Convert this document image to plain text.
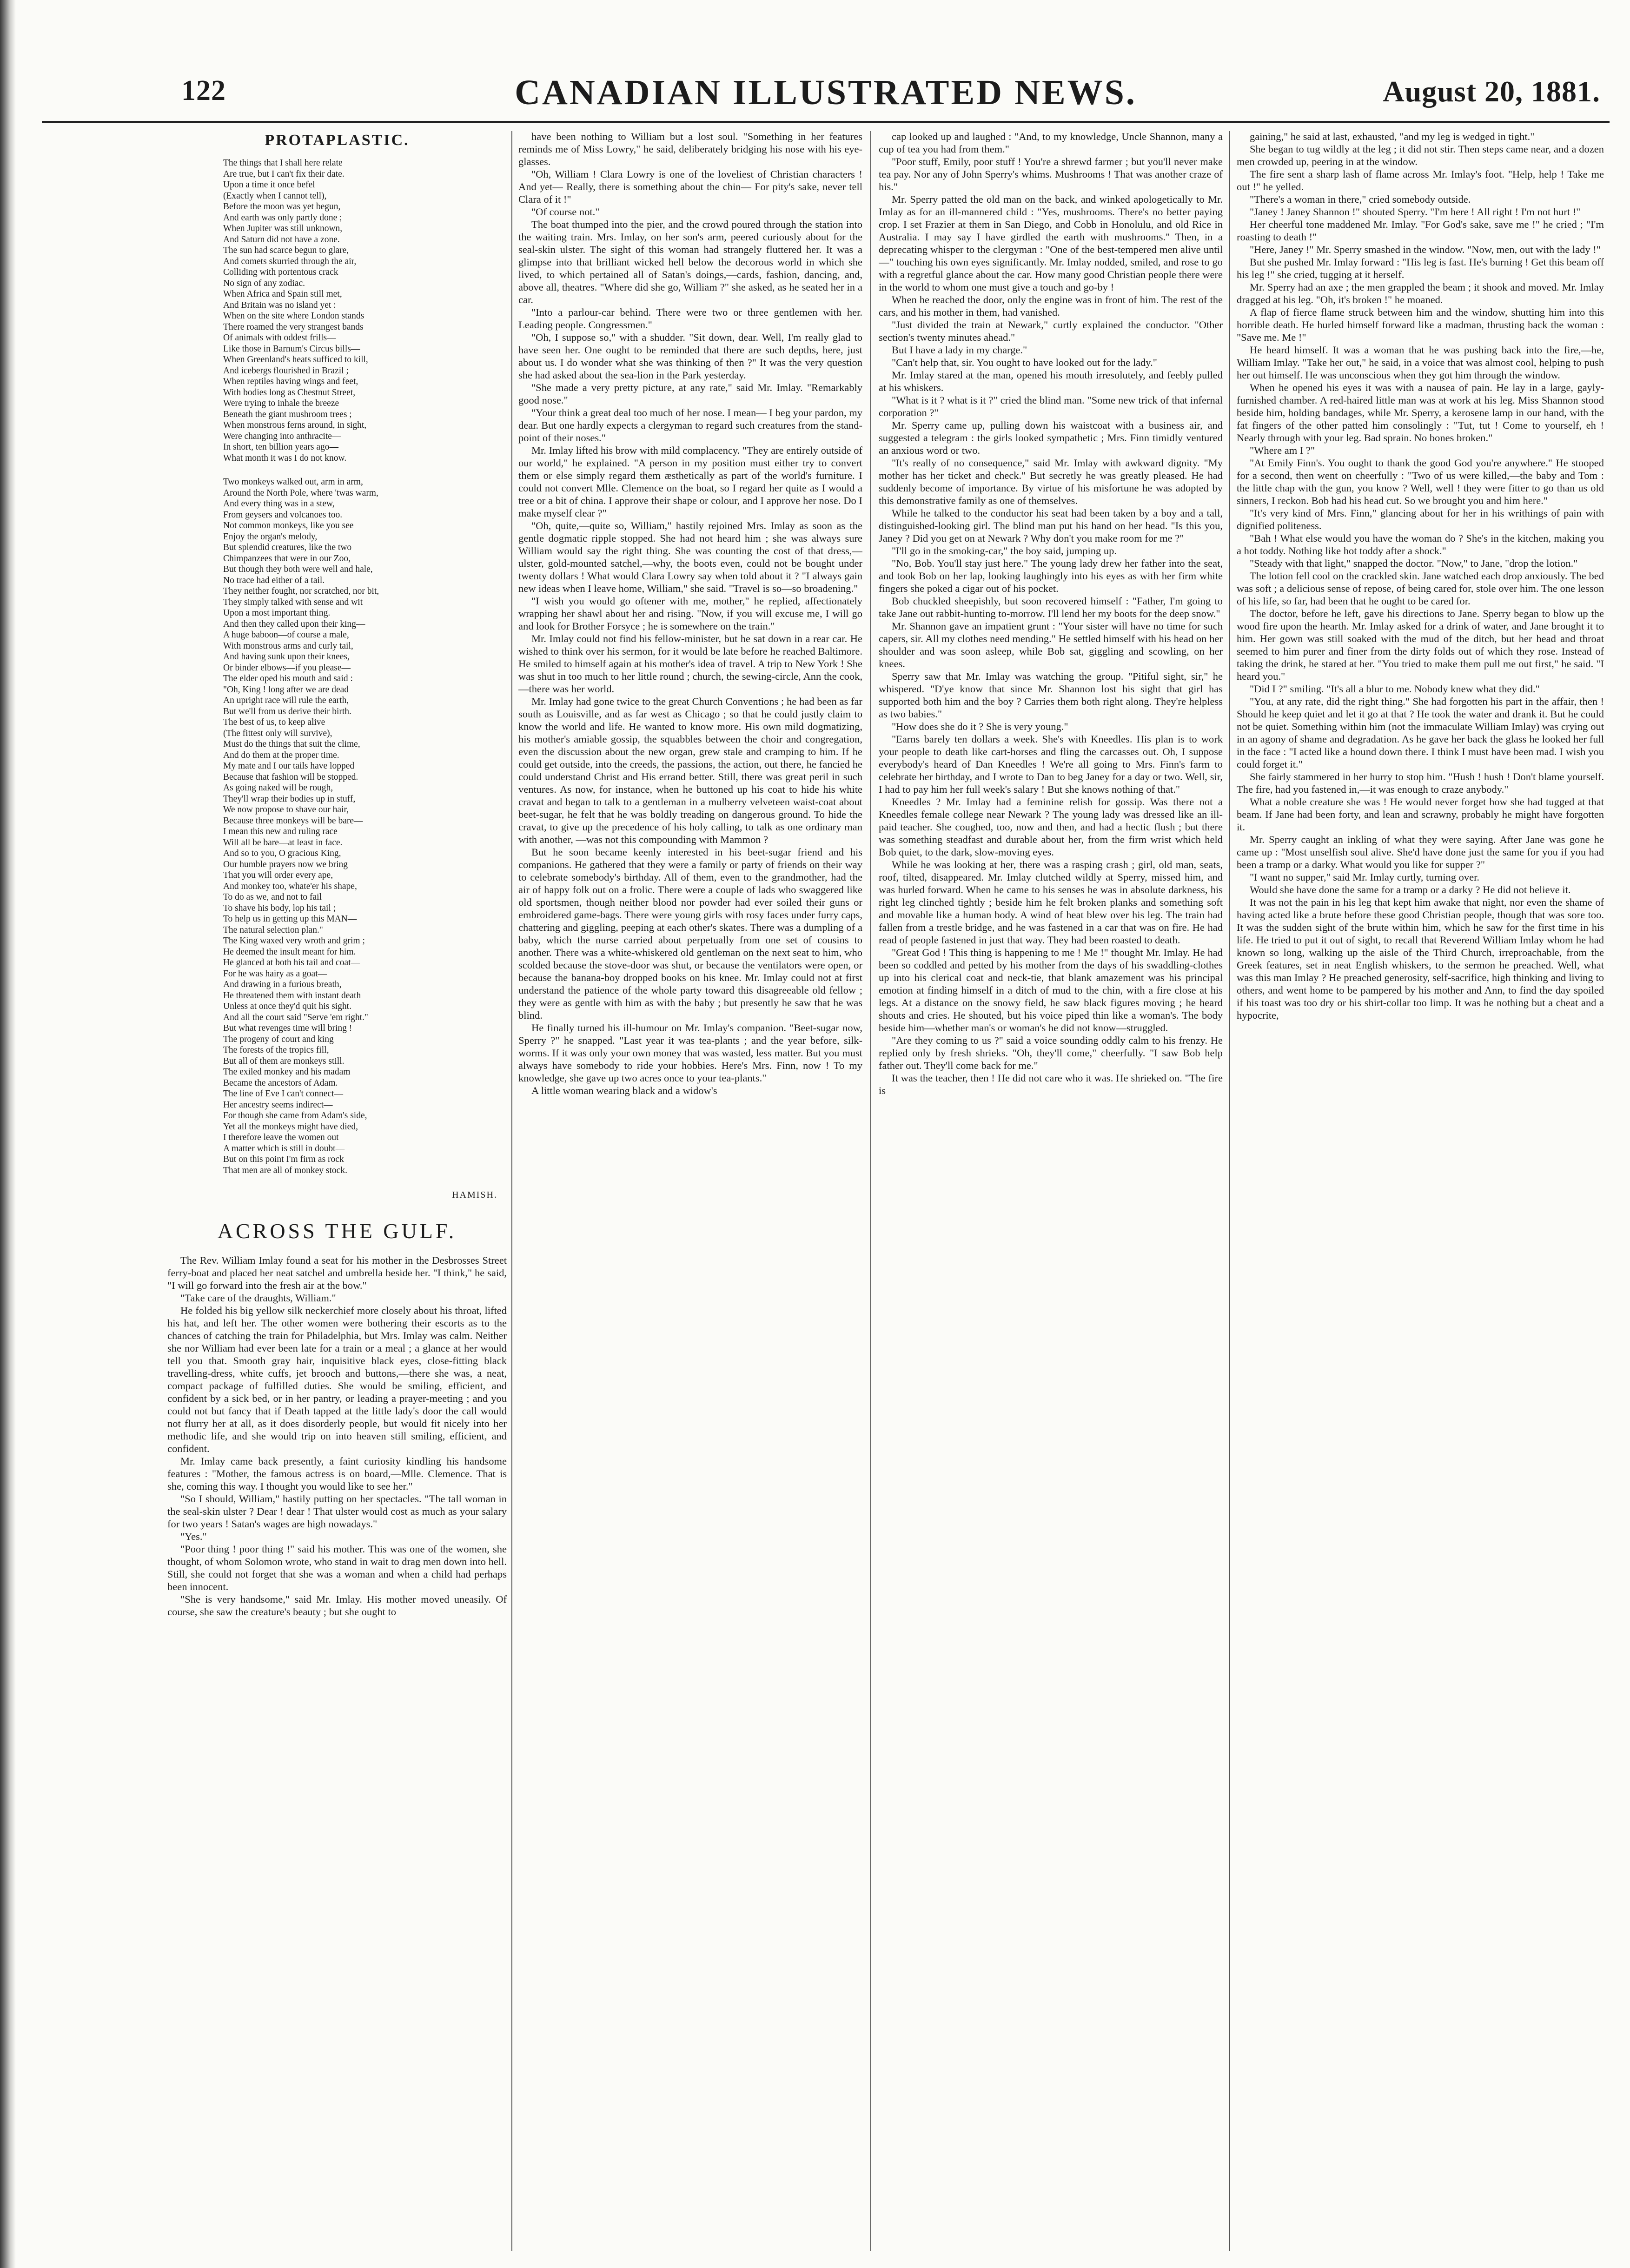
122	CANADIAN ILLUSTRATED NEWS.	August 20, 1881.
PROTAPLASTIC.
The things that I shall here relate
Are true, but I can't fix their date.
Upon a time it once befel
(Exactly when I cannot tell),
Before the moon was yet begun,
And earth was only partly done ;
When Jupiter was still unknown,
And Saturn did not have a zone.
The sun had scarce begun to glare,
And comets skurried through the air,
Colliding with portentous crack
No sign of any zodiac.
When Africa and Spain still met,
And Britain was no island yet :
When on the site where London stands
There roamed the very strangest bands
Of animals with oddest frills—
Like those in Barnum's Circus bills—
When Greenland's heats sufficed to kill,
And icebergs flourished in Brazil ;
When reptiles having wings and feet,
With bodies long as Chestnut Street,
Were trying to inhale the breeze
Beneath the giant mushroom trees ;
When monstrous ferns around, in sight,
Were changing into anthracite—
In short, ten billion years ago—
What month it was I do not know.
Two monkeys walked out, arm in arm,
Around the North Pole, where 'twas warm,
And every thing was in a stew,
From geysers and volcanoes too.
Not common monkeys, like you see
Enjoy the organ's melody,
But splendid creatures, like the two
Chimpanzees that were in our Zoo,
But though they both were well and hale,
No trace had either of a tail.
They neither fought, nor scratched, nor bit,
They simply talked with sense and wit
Upon a most important thing.
And then they called upon their king—
A huge baboon—of course a male,
With monstrous arms and curly tail,
And having sunk upon their knees,
Or binder elbows—if you please—
The elder oped his mouth and said :
"Oh, King ! long after we are dead
An upright race will rule the earth,
But we'll from us derive their birth.
The best of us, to keep alive
(The fittest only will survive),
Must do the things that suit the clime,
And do them at the proper time.
My mate and I our tails have lopped
Because that fashion will be stopped.
As going naked will be rough,
They'll wrap their bodies up in stuff,
We now propose to shave our hair,
Because three monkeys will be bare—
I mean this new and ruling race
Will all be bare—at least in face.
And so to you, O gracious King,
Our humble prayers now we bring—
That you will order every ape,
And monkey too, whate'er his shape,
To do as we, and not to fail
To shave his body, lop his tail ;
To help us in getting up this MAN—
The natural selection plan."
The King waxed very wroth and grim ;
He deemed the insult meant for him.
He glanced at both his tail and coat—
For he was hairy as a goat—
And drawing in a furious breath,
He threatened them with instant death
Unless at once they'd quit his sight.
And all the court said "Serve 'em right."
But what revenges time will bring !
The progeny of court and king
The forests of the tropics fill,
But all of them are monkeys still.
The exiled monkey and his madam
Became the ancestors of Adam.
The line of Eve I can't connect—
Her ancestry seems indirect—
For though she came from Adam's side,
Yet all the monkeys might have died,
I therefore leave the women out
A matter which is still in doubt—
But on this point I'm firm as rock
That men are all of monkey stock.
HAMISH.
ACROSS THE GULF.

The Rev. William Imlay found a seat for his mother in the Desbrosses Street ferry-boat and placed her neat satchel and umbrella beside her. "I think," he said, "I will go forward into the fresh air at the bow."

"Take care of the draughts, William."

He folded his big yellow silk neckerchief more closely about his throat, lifted his hat, and left her. The other women were bothering their escorts as to the chances of catching the train for Philadelphia, but Mrs. Imlay was calm. Neither she nor William had ever been late for a train or a meal ; a glance at her would tell you that. Smooth gray hair, inquisitive black eyes, close-fitting black travelling-dress, white cuffs, jet brooch and buttons,—there she was, a neat, compact package of fulfilled duties. She would be smiling, efficient, and confident by a sick bed, or in her pantry, or leading a prayer-meeting ; and you could not but fancy that if Death tapped at the little lady's door the call would not flurry her at all, as it does disorderly people, but would fit nicely into her methodic life, and she would trip on into heaven still smiling, efficient, and confident.

Mr. Imlay came back presently, a faint curiosity kindling his handsome features : "Mother, the famous actress is on board,—Mlle. Clemence. That is she, coming this way. I thought you would like to see her."

"So I should, William," hastily putting on her spectacles. "The tall woman in the seal-skin ulster ? Dear ! dear ! That ulster would cost as much as your salary for two years ! Satan's wages are high nowadays."

"Yes."

"Poor thing ! poor thing !" said his mother. This was one of the women, she thought, of whom Solomon wrote, who stand in wait to drag men down into hell. Still, she could not forget that she was a woman and when a child had perhaps been innocent.

"She is very handsome," said Mr. Imlay. His mother moved uneasily. Of course, she saw the creature's beauty ; but she ought to

have been nothing to William but a lost soul. "Something in her features reminds me of Miss Lowry," he said, deliberately bridging his nose with his eye-glasses.

"Oh, William ! Clara Lowry is one of the loveliest of Christian characters ! And yet— Really, there is something about the chin— For pity's sake, never tell Clara of it !"

"Of course not."

The boat thumped into the pier, and the crowd poured through the station into the waiting train. Mrs. Imlay, on her son's arm, peered curiously about for the seal-skin ulster. The sight of this woman had strangely fluttered her. It was a glimpse into that brilliant wicked hell below the decorous world in which she lived, to which pertained all of Satan's doings,—cards, fashion, dancing, and, above all, theatres. "Where did she go, William ?" she asked, as he seated her in a car.

"Into a parlour-car behind. There were two or three gentlemen with her. Leading people. Congressmen."

"Oh, I suppose so," with a shudder. "Sit down, dear. Well, I'm really glad to have seen her. One ought to be reminded that there are such depths, here, just about us. I do wonder what she was thinking of then ?" It was the very question she had asked about the sea-lion in the Park yesterday.

"She made a very pretty picture, at any rate," said Mr. Imlay. "Remarkably good nose."

"Your think a great deal too much of her nose. I mean— I beg your pardon, my dear. But one hardly expects a clergyman to regard such creatures from the stand-point of their noses."

Mr. Imlay lifted his brow with mild complacency. "They are entirely outside of our world," he explained. "A person in my position must either try to convert them or else simply regard them æsthetically as part of the world's furniture. I could not convert Mlle. Clemence on the boat, so I regard her quite as I would a tree or a bit of china. I approve their shape or colour, and I approve her nose. Do I make myself clear ?"

"Oh, quite,—quite so, William," hastily rejoined Mrs. Imlay as soon as the gentle dogmatic ripple stopped. She had not heard him ; she was always sure William would say the right thing. She was counting the cost of that dress,—ulster, gold-mounted satchel,—why, the boots even, could not be bought under twenty dollars ! What would Clara Lowry say when told about it ? "I always gain new ideas when I leave home, William," she said. "Travel is so—so broadening."

"I wish you would go oftener with me, mother," he replied, affectionately wrapping her shawl about her and rising. "Now, if you will excuse me, I will go and look for Brother Forsyce ; he is somewhere on the train."

Mr. Imlay could not find his fellow-minister, but he sat down in a rear car. He wished to think over his sermon, for it would be late before he reached Baltimore. He smiled to himself again at his mother's idea of travel. A trip to New York ! She was shut in too much to her little round ; church, the sewing-circle, Ann the cook,—there was her world.

Mr. Imlay had gone twice to the great Church Conventions ; he had been as far south as Louisville, and as far west as Chicago ; so that he could justly claim to know the world and life. He wanted to know more. His own mild dogmatizing, his mother's amiable gossip, the squabbles between the choir and congregation, even the discussion about the new organ, grew stale and cramping to him. If he could get outside, into the creeds, the passions, the action, out there, he fancied he could understand Christ and His errand better. Still, there was great peril in such ventures. As now, for instance, when he buttoned up his coat to hide his white cravat and began to talk to a gentleman in a mulberry velveteen waist-coat about beet-sugar, he felt that he was boldly treading on dangerous ground. To hide the cravat, to give up the precedence of his holy calling, to talk as one ordinary man with another, —was not this compounding with Mammon ?

But he soon became keenly interested in his beet-sugar friend and his companions. He gathered that they were a family or party of friends on their way to celebrate somebody's birthday. All of them, even to the grandmother, had the air of happy folk out on a frolic. There were a couple of lads who swaggered like old sportsmen, though neither blood nor powder had ever soiled their guns or embroidered game-bags. There were young girls with rosy faces under furry caps, chattering and giggling, peeping at each other's skates. There was a dumpling of a baby, which the nurse carried about perpetually from one set of cousins to another. There was a white-whiskered old gentleman on the next seat to him, who scolded because the stove-door was shut, or because the ventilators were open, or because the banana-boy dropped books on his knee. Mr. Imlay could not at first understand the patience of the whole party toward this disagreeable old fellow ; they were as gentle with him as with the baby ; but presently he saw that he was blind.

He finally turned his ill-humour on Mr. Imlay's companion. "Beet-sugar now, Sperry ?" he snapped. "Last year it was tea-plants ; and the year before, silk-worms. If it was only your own money that was wasted, less matter. But you must always have somebody to ride your hobbies. Here's Mrs. Finn, now ! To my knowledge, she gave up two acres once to your tea-plants."

A little woman wearing black and a widow's

cap looked up and laughed : "And, to my knowledge, Uncle Shannon, many a cup of tea you had from them."

"Poor stuff, Emily, poor stuff ! You're a shrewd farmer ; but you'll never make tea pay. Nor any of John Sperry's whims. Mushrooms ! That was another craze of his."

Mr. Sperry patted the old man on the back, and winked apologetically to Mr. Imlay as for an ill-mannered child : "Yes, mushrooms. There's no better paying crop. I set Frazier at them in San Diego, and Cobb in Honolulu, and old Rice in Australia. I may say I have girdled the earth with mushrooms." Then, in a deprecating whisper to the clergyman : "One of the best-tempered men alive until—" touching his own eyes significantly. Mr. Imlay nodded, smiled, and rose to go with a regretful glance about the car. How many good Christian people there were in the world to whom one must give a touch and go-by !

When he reached the door, only the engine was in front of him. The rest of the cars, and his mother in them, had vanished.

"Just divided the train at Newark," curtly explained the conductor. "Other section's twenty minutes ahead."

But I have a lady in my charge."

"Can't help that, sir. You ought to have looked out for the lady."

Mr. Imlay stared at the man, opened his mouth irresolutely, and feebly pulled at his whiskers.

"What is it ? what is it ?" cried the blind man. "Some new trick of that infernal corporation ?"

Mr. Sperry came up, pulling down his waistcoat with a business air, and suggested a telegram : the girls looked sympathetic ; Mrs. Finn timidly ventured an anxious word or two.

"It's really of no consequence," said Mr. Imlay with awkward dignity. "My mother has her ticket and check." But secretly he was greatly pleased. He had suddenly become of importance. By virtue of his misfortune he was adopted by this demonstrative family as one of themselves.

While he talked to the conductor his seat had been taken by a boy and a tall, distinguished-looking girl. The blind man put his hand on her head. "Is this you, Janey ? Did you get on at Newark ? Why don't you make room for me ?"

"I'll go in the smoking-car," the boy said, jumping up.

"No, Bob. You'll stay just here." The young lady drew her father into the seat, and took Bob on her lap, looking laughingly into his eyes as with her firm white fingers she poked a cigar out of his pocket.

Bob chuckled sheepishly, but soon recovered himself : "Father, I'm going to take Jane out rabbit-hunting to-morrow. I'll lend her my boots for the deep snow."

Mr. Shannon gave an impatient grunt : "Your sister will have no time for such capers, sir. All my clothes need mending." He settled himself with his head on her shoulder and was soon asleep, while Bob sat, giggling and scowling, on her knees.

Sperry saw that Mr. Imlay was watching the group. "Pitiful sight, sir," he whispered. "D'ye know that since Mr. Shannon lost his sight that girl has supported both him and the boy ? Carries them both right along. They're helpless as two babies."

"How does she do it ? She is very young."

"Earns barely ten dollars a week. She's with Kneedles. His plan is to work your people to death like cart-horses and fling the carcasses out. Oh, I suppose everybody's heard of Dan Kneedles ! We're all going to Mrs. Finn's farm to celebrate her birthday, and I wrote to Dan to beg Janey for a day or two. Well, sir, I had to pay him her full week's salary ! But she knows nothing of that."

Kneedles ? Mr. Imlay had a feminine relish for gossip. Was there not a Kneedles female college near Newark ? The young lady was dressed like an ill-paid teacher. She coughed, too, now and then, and had a hectic flush ; but there was something steadfast and durable about her, from the firm wrist which held Bob quiet, to the dark, slow-moving eyes.

While he was looking at her, there was a rasping crash ; girl, old man, seats, roof, tilted, disappeared. Mr. Imlay clutched wildly at Sperry, missed him, and was hurled forward. When he came to his senses he was in absolute darkness, his right leg clinched tightly ; beside him he felt broken planks and something soft and movable like a human body. A wind of heat blew over his leg. The train had fallen from a trestle bridge, and he was fastened in a car that was on fire. He had read of people fastened in just that way. They had been roasted to death.

"Great God ! This thing is happening to me ! Me !" thought Mr. Imlay. He had been so coddled and petted by his mother from the days of his swaddling-clothes up into his clerical coat and neck-tie, that blank amazement was his principal emotion at finding himself in a ditch of mud to the chin, with a fire close at his legs. At a distance on the snowy field, he saw black figures moving ; he heard shouts and cries. He shouted, but his voice piped thin like a woman's. The body beside him—whether man's or woman's he did not know—struggled.

"Are they coming to us ?" said a voice sounding oddly calm to his frenzy. He replied only by fresh shrieks. "Oh, they'll come," cheerfully. "I saw Bob help father out. They'll come back for me."

It was the teacher, then ! He did not care who it was. He shrieked on. "The fire is

gaining," he said at last, exhausted, "and my leg is wedged in tight."

She began to tug wildly at the leg ; it did not stir. Then steps came near, and a dozen men crowded up, peering in at the window.

The fire sent a sharp lash of flame across Mr. Imlay's foot. "Help, help ! Take me out !" he yelled.

"There's a woman in there," cried somebody outside.

"Janey ! Janey Shannon !" shouted Sperry. "I'm here ! All right ! I'm not hurt !"

Her cheerful tone maddened Mr. Imlay. "For God's sake, save me !" he cried ; "I'm roasting to death !"

"Here, Janey !" Mr. Sperry smashed in the window. "Now, men, out with the lady !"

But she pushed Mr. Imlay forward : "His leg is fast. He's burning ! Get this beam off his leg !" she cried, tugging at it herself.

Mr. Sperry had an axe ; the men grappled the beam ; it shook and moved. Mr. Imlay dragged at his leg. "Oh, it's broken !" he moaned.

A flap of fierce flame struck between him and the window, shutting him into this horrible death. He hurled himself forward like a madman, thrusting back the woman : "Save me. Me !"

He heard himself. It was a woman that he was pushing back into the fire,—he, William Imlay. "Take her out," he said, in a voice that was almost cool, helping to push her out himself. He was unconscious when they got him through the window.

When he opened his eyes it was with a nausea of pain. He lay in a large, gayly-furnished chamber. A red-haired little man was at work at his leg. Miss Shannon stood beside him, holding bandages, while Mr. Sperry, a kerosene lamp in our hand, with the fat fingers of the other patted him consolingly : "Tut, tut ! Come to yourself, eh ! Nearly through with your leg. Bad sprain. No bones broken."

"Where am I ?"

"At Emily Finn's. You ought to thank the good God you're anywhere." He stooped for a second, then went on cheerfully : "Two of us were killed,—the baby and Tom : the little chap with the gun, you know ? Well, well ! they were fitter to go than us old sinners, I reckon. Bob had his head cut. So we brought you and him here."

"It's very kind of Mrs. Finn," glancing about for her in his writhings of pain with dignified politeness.

"Bah ! What else would you have the woman do ? She's in the kitchen, making you a hot toddy. Nothing like hot toddy after a shock."

"Steady with that light," snapped the doctor. "Now," to Jane, "drop the lotion."

The lotion fell cool on the crackled skin. Jane watched each drop anxiously. The bed was soft ; a delicious sense of repose, of being cared for, stole over him. The one lesson of his life, so far, had been that he ought to be cared for.

The doctor, before he left, gave his directions to Jane. Sperry began to blow up the wood fire upon the hearth. Mr. Imlay asked for a drink of water, and Jane brought it to him. Her gown was still soaked with the mud of the ditch, but her head and throat seemed to him purer and finer from the dirty folds out of which they rose. Instead of taking the drink, he stared at her. "You tried to make them pull me out first," he said. "I heard you."

"Did I ?" smiling. "It's all a blur to me. Nobody knew what they did."

"You, at any rate, did the right thing." She had forgotten his part in the affair, then ! Should he keep quiet and let it go at that ? He took the water and drank it. But he could not be quiet. Something within him (not the immaculate William Imlay) was crying out in an agony of shame and degradation. As he gave her back the glass he looked her full in the face : "I acted like a hound down there. I think I must have been mad. I wish you could forget it."

She fairly stammered in her hurry to stop him. "Hush ! hush ! Don't blame yourself. The fire, had you fastened in,—it was enough to craze anybody."

What a noble creature she was ! He would never forget how she had tugged at that beam. If Jane had been forty, and lean and scrawny, probably he might have forgotten it.

Mr. Sperry caught an inkling of what they were saying. After Jane was gone he came up : "Most unselfish soul alive. She'd have done just the same for you if you had been a tramp or a darky. What would you like for supper ?"

"I want no supper," said Mr. Imlay curtly, turning over.

Would she have done the same for a tramp or a darky ? He did not believe it.

It was not the pain in his leg that kept him awake that night, nor even the shame of having acted like a brute before these good Christian people, though that was sore too. It was the sudden sight of the brute within him, which he saw for the first time in his life. He tried to put it out of sight, to recall that Reverend William Imlay whom he had known so long, walking up the aisle of the Third Church, irreproachable, from the Greek features, set in neat English whiskers, to the sermon he preached. Well, what was this man Imlay ? He preached generosity, self-sacrifice, high thinking and living to others, and went home to be pampered by his mother and Ann, to find the day spoiled if his toast was too dry or his shirt-collar too limp. It was he nothing but a cheat and a hypocrite,
